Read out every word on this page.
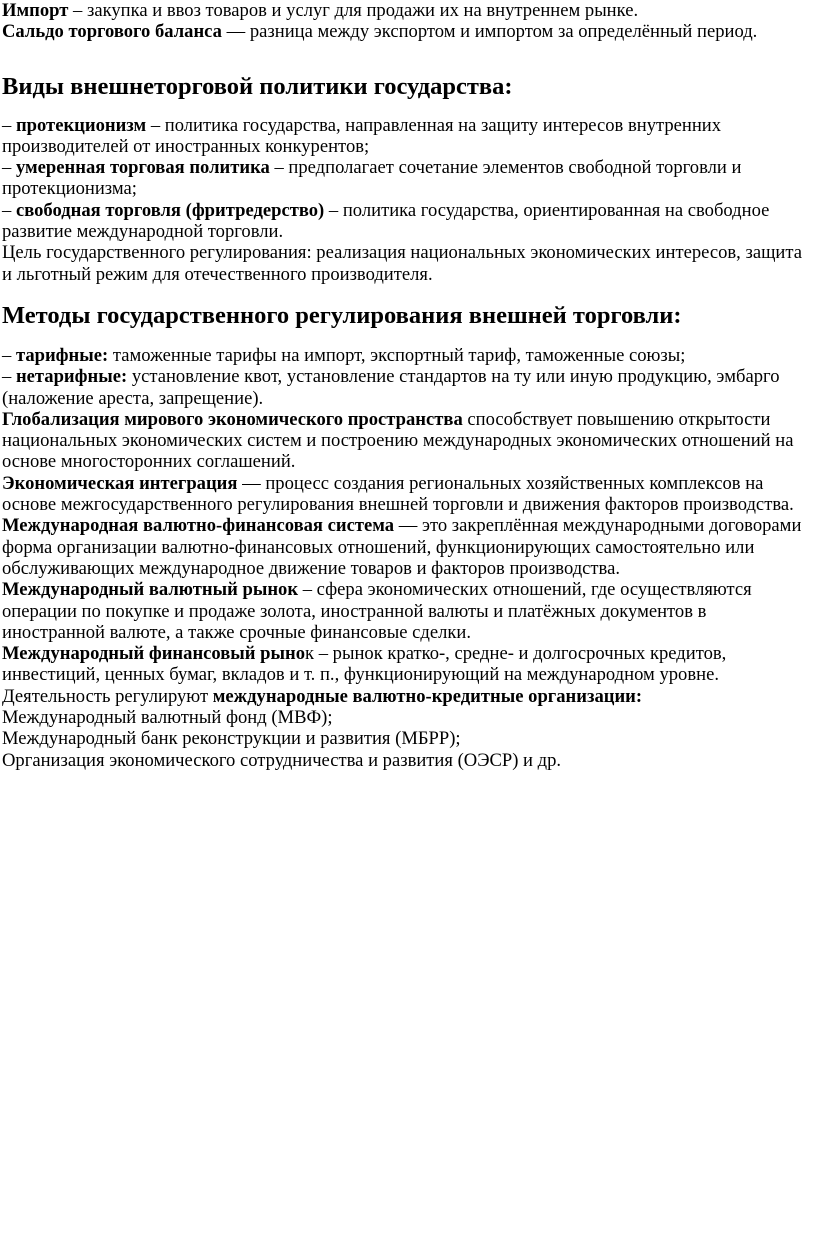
Импорт – закупка и ввоз товаров и услуг для продажи их на внутреннем рынке.

Сальдо торгового баланса — разница между экспортом и импортом за определённый период.

Виды внешнеторговой политики государства:

– протекционизм – политика государства, направленная на защиту интересов внутренних производителей от иностранных конкурентов;

– умеренная торговая политика – предполагает сочетание элементов свободной торговли и протекционизма;

– свободная торговля (фритредерство) – политика государства, ориентированная на свободное развитие международной торговли.

Цель государственного регулирования: реализация национальных экономических интересов, защита и льготный режим для отечественного производителя.

Методы государственного регулирования внешней торговли:

– тарифные: таможенные тарифы на импорт, экспортный тариф, таможенные союзы;

– нетарифные: установление квот, установление стандартов на ту или иную продукцию, эмбарго (наложение ареста, запрещение).

Глобализация мирового экономического пространства способствует повышению открытости национальных экономических систем и построению международных экономических отношений на основе многосторонних соглашений.

Экономическая интеграция — процесс создания региональных хозяйственных комплексов на основе межгосударственного регулирования внешней торговли и движения факторов производства.

Международная валютно-финансовая система — это закреплённая международными договорами форма организации валютно-финансовых отношений, функционирующих самостоятельно или обслуживающих международное движение товаров и факторов производства.

Международный валютный рынок – сфера экономических отношений, где осуществляются операции по покупке и продаже золота, иностранной валюты и платёжных документов в иностранной валюте, а также срочные финансовые сделки.

Международный финансовый рынок – рынок кратко-, средне- и долгосрочных кредитов, инвестиций, ценных бумаг, вкладов и т. п., функционирующий на международном уровне.

Деятельность регулируют международные валютно-кредитные организации:

Международный валютный фонд (МВФ);

Международный банк реконструкции и развития (МБРР);

Организация экономического сотрудничества и развития (ОЭСР) и др.
